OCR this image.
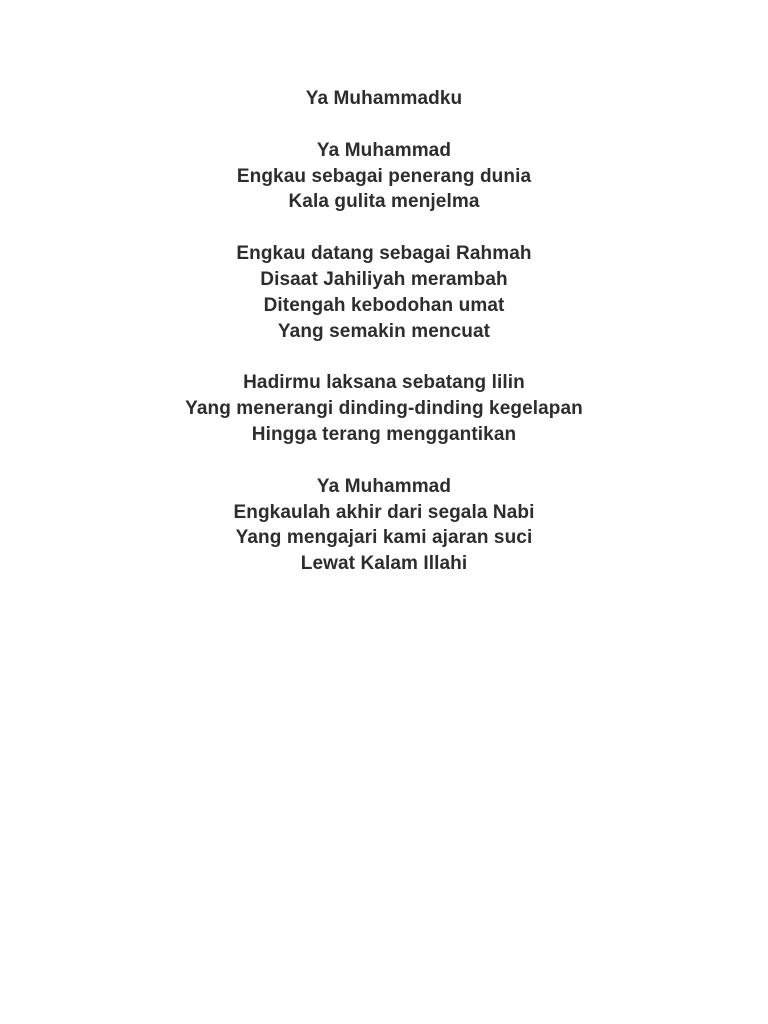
Ya Muhammadku
Ya Muhammad
Engkau sebagai penerang dunia
Kala gulita menjelma
Engkau datang sebagai Rahmah
Disaat Jahiliyah merambah
Ditengah kebodohan umat
Yang semakin mencuat
Hadirmu laksana sebatang lilin
Yang menerangi dinding-dinding kegelapan
Hingga terang menggantikan
Ya Muhammad
Engkaulah akhir dari segala Nabi
Yang mengajari kami ajaran suci
Lewat Kalam Illahi
